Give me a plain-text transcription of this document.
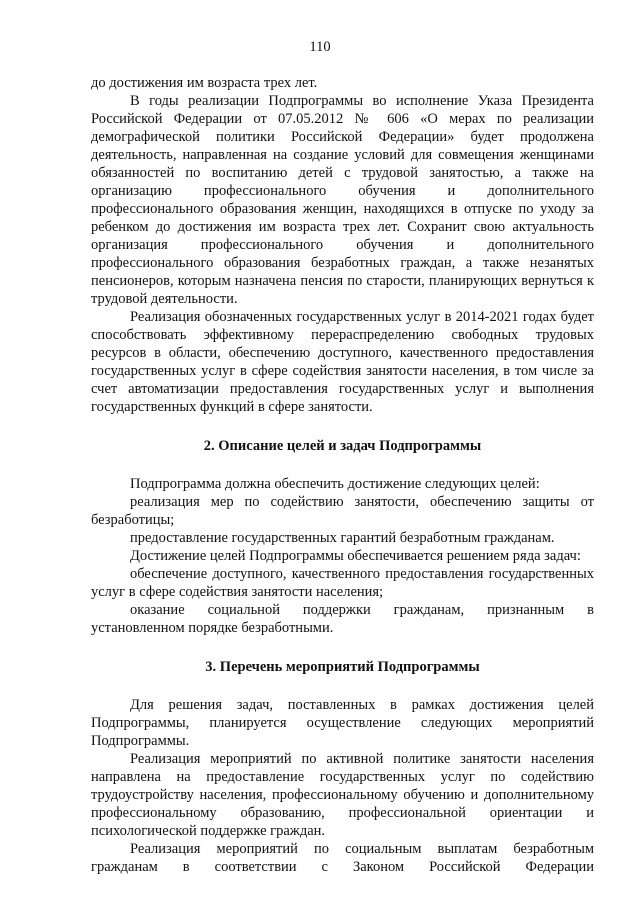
110

до достижения им возраста трех лет.

В годы реализации Подпрограммы во исполнение Указа Президента Российской Федерации от 07.05.2012 № 606 «О мерах по реализации демографической политики Российской Федерации» будет продолжена деятельность, направленная на создание условий для совмещения женщинами обязанностей по воспитанию детей с трудовой занятостью, а также на организацию профессионального обучения и дополнительного профессионального образования женщин, находящихся в отпуске по уходу за ребенком до достижения им возраста трех лет. Сохранит свою актуальность организация профессионального обучения и дополнительного профессионального образования безработных граждан, а также незанятых пенсионеров, которым назначена пенсия по старости, планирующих вернуться к трудовой деятельности.

Реализация обозначенных государственных услуг в 2014-2021 годах будет способствовать эффективному перераспределению свободных трудовых ресурсов в области, обеспечению доступного, качественного предоставления государственных услуг в сфере содействия занятости населения, в том числе за счет автоматизации предоставления государственных услуг и выполнения государственных функций в сфере занятости.

2. Описание целей и задач Подпрограммы

Подпрограмма должна обеспечить достижение следующих целей:

реализация мер по содействию занятости, обеспечению защиты от безработицы;

предоставление государственных гарантий безработным гражданам.

Достижение целей Подпрограммы обеспечивается решением ряда задач:

обеспечение доступного, качественного предоставления государственных услуг в сфере содействия занятости населения;

оказание социальной поддержки гражданам, признанным в установленном порядке безработными.

3. Перечень мероприятий Подпрограммы

Для решения задач, поставленных в рамках достижения целей Подпрограммы, планируется осуществление следующих мероприятий Подпрограммы.

Реализация мероприятий по активной политике занятости населения направлена на предоставление государственных услуг по содействию трудоустройству населения, профессиональному обучению и дополнительному профессиональному образованию, профессиональной ориентации и психологической поддержке граждан.

Реализация мероприятий по социальным выплатам безработным гражданам в соответствии с Законом Российской Федерации
